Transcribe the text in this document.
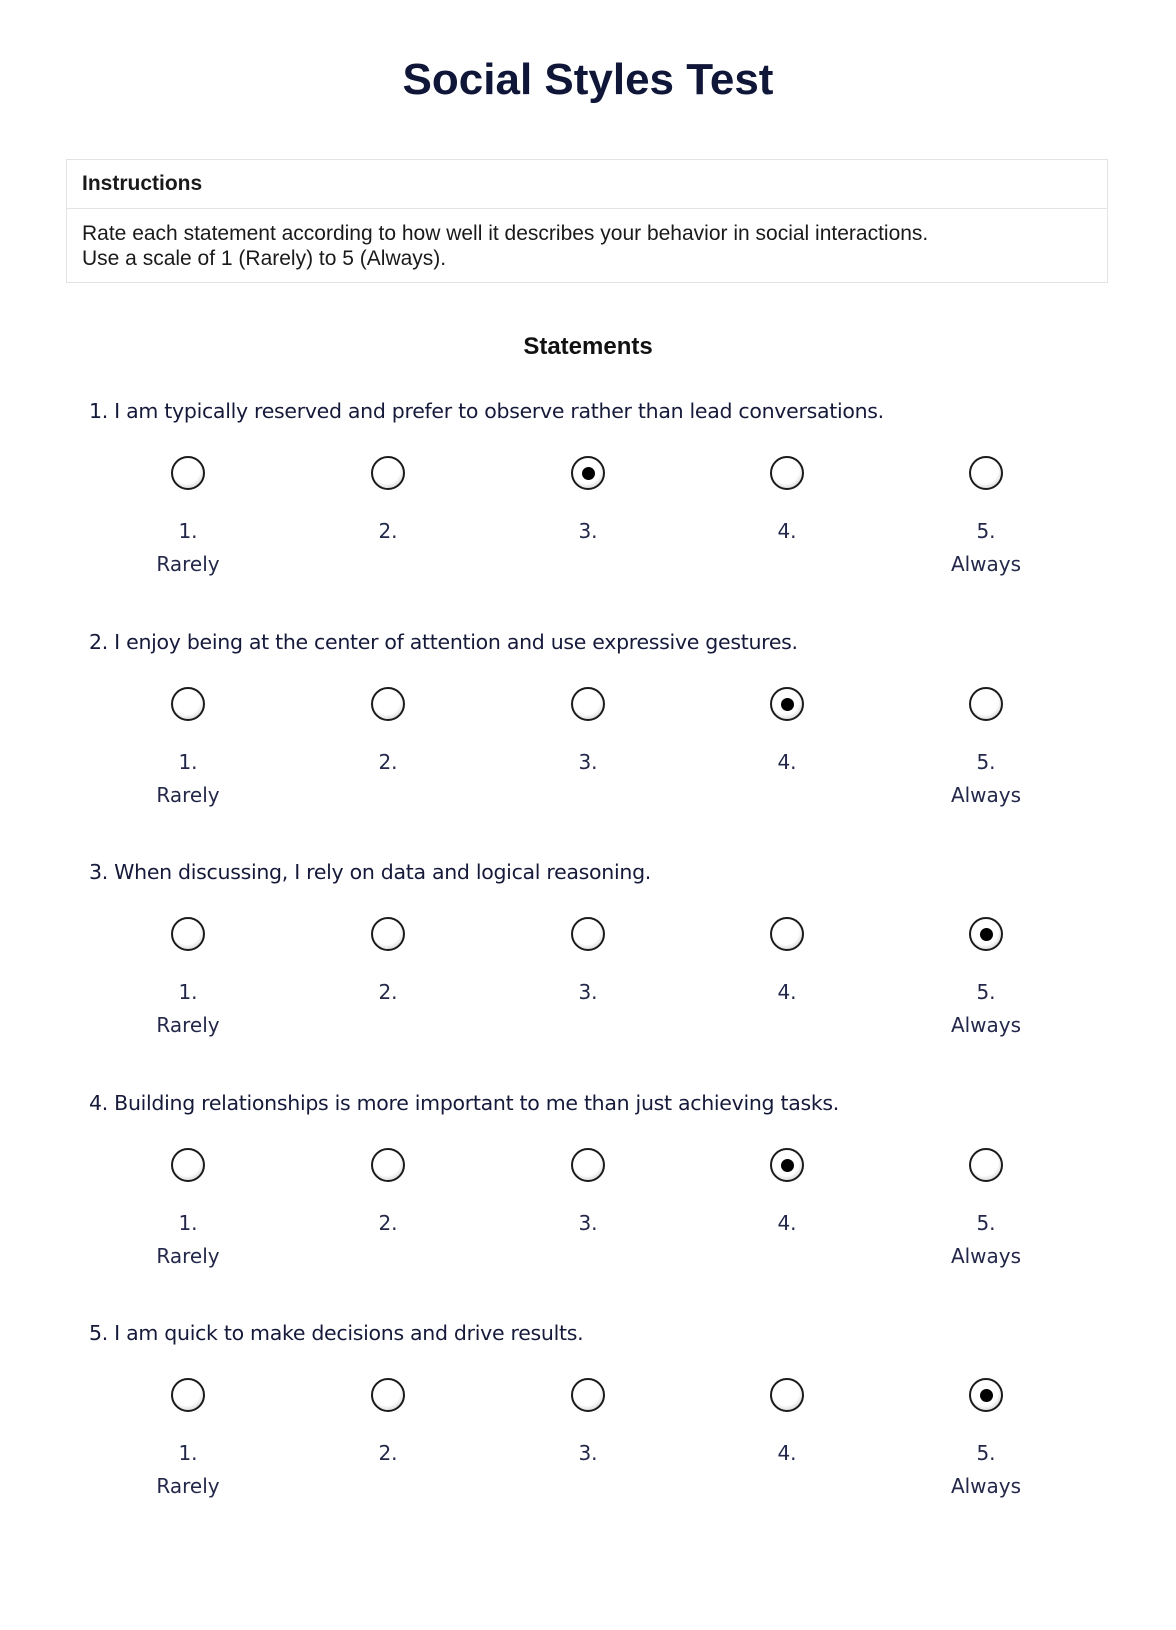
Social Styles Test
Instructions
Rate each statement according to how well it describes your behavior in social interactions.
Use a scale of 1 (Rarely) to 5 (Always).
Statements
1. I am typically reserved and prefer to observe rather than lead conversations.
1.
Rarely
2.	3.	4.	5.
Always
2. I enjoy being at the center of attention and use expressive gestures.
1.
Rarely
2.	3.	4.	5.
Always
3. When discussing, I rely on data and logical reasoning.
1.
Rarely
2.	3.	4.	5.
Always
4. Building relationships is more important to me than just achieving tasks.
1.
Rarely
2.	3.	4.	5.
Always
5. I am quick to make decisions and drive results.
1.
Rarely
2.	3.	4.	5.
Always
